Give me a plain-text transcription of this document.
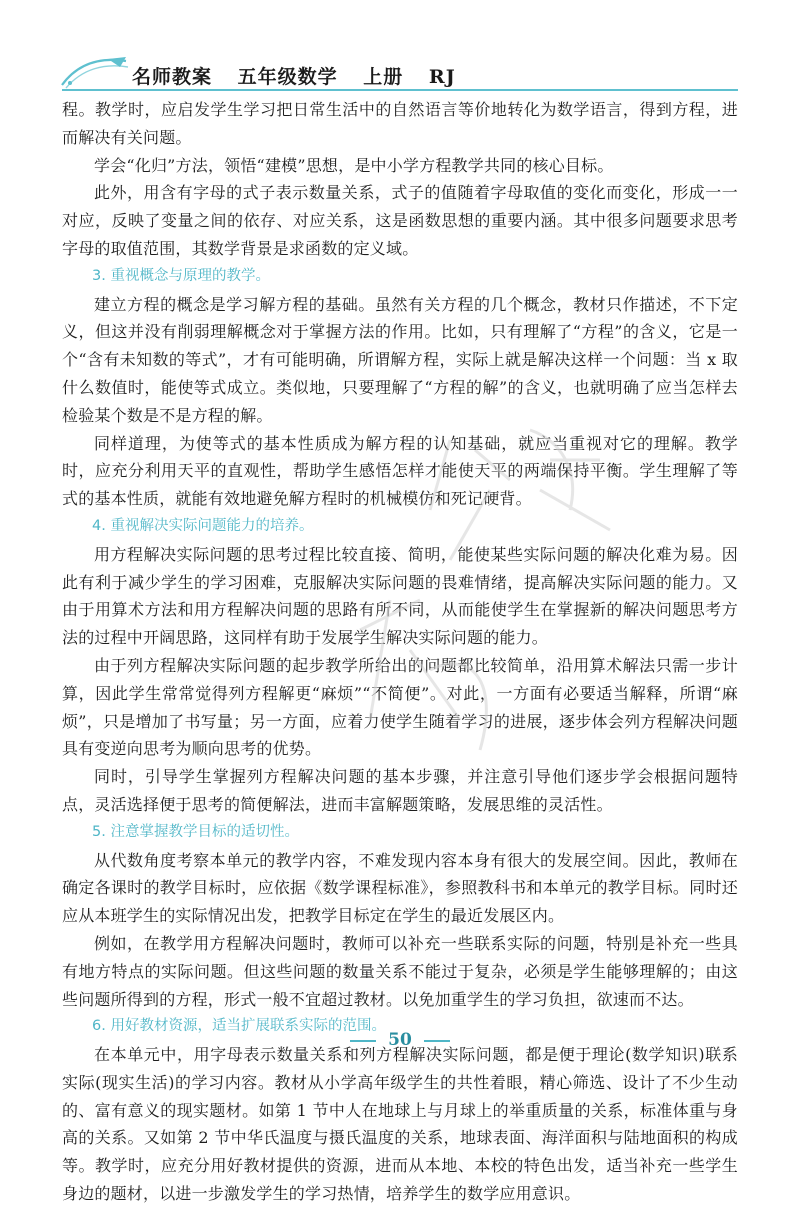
名师教案 五年级数学 上册 RJ

程。教学时，应启发学生学习把日常生活中的自然语言等价地转化为数学语言，得到方程，进而解决有关问题。

学会“化归”方法，领悟“建模”思想，是中小学方程教学共同的核心目标。

此外，用含有字母的式子表示数量关系，式子的值随着字母取值的变化而变化，形成一一对应，反映了变量之间的依存、对应关系，这是函数思想的重要内涵。其中很多问题要求思考字母的取值范围，其数学背景是求函数的定义域。

3. 重视概念与原理的教学。

建立方程的概念是学习解方程的基础。虽然有关方程的几个概念，教材只作描述，不下定义，但这并没有削弱理解概念对于掌握方法的作用。比如，只有理解了“方程”的含义，它是一个“含有未知数的等式”，才有可能明确，所谓解方程，实际上就是解决这样一个问题：当 x 取什么数值时，能使等式成立。类似地，只要理解了“方程的解”的含义，也就明确了应当怎样去检验某个数是不是方程的解。

同样道理，为使等式的基本性质成为解方程的认知基础，就应当重视对它的理解。教学时，应充分利用天平的直观性，帮助学生感悟怎样才能使天平的两端保持平衡。学生理解了等式的基本性质，就能有效地避免解方程时的机械模仿和死记硬背。

4. 重视解决实际问题能力的培养。

用方程解决实际问题的思考过程比较直接、简明，能使某些实际问题的解决化难为易。因此有利于减少学生的学习困难，克服解决实际问题的畏难情绪，提高解决实际问题的能力。又由于用算术方法和用方程解决问题的思路有所不同，从而能使学生在掌握新的解决问题思考方法的过程中开阔思路，这同样有助于发展学生解决实际问题的能力。

由于列方程解决实际问题的起步教学所给出的问题都比较简单，沿用算术解法只需一步计算，因此学生常常觉得列方程解更“麻烦”“不简便”。对此，一方面有必要适当解释，所谓“麻烦”，只是增加了书写量；另一方面，应着力使学生随着学习的进展，逐步体会列方程解决问题具有变逆向思考为顺向思考的优势。

同时，引导学生掌握列方程解决问题的基本步骤，并注意引导他们逐步学会根据问题特点，灵活选择便于思考的简便解法，进而丰富解题策略，发展思维的灵活性。

5. 注意掌握教学目标的适切性。

从代数角度考察本单元的教学内容，不难发现内容本身有很大的发展空间。因此，教师在确定各课时的教学目标时，应依据《数学课程标准》，参照教科书和本单元的教学目标。同时还应从本班学生的实际情况出发，把教学目标定在学生的最近发展区内。

例如，在教学用方程解决问题时，教师可以补充一些联系实际的问题，特别是补充一些具有地方特点的实际问题。但这些问题的数量关系不能过于复杂，必须是学生能够理解的；由这些问题所得到的方程，形式一般不宜超过教材。以免加重学生的学习负担，欲速而不达。

6. 用好教材资源，适当扩展联系实际的范围。

在本单元中，用字母表示数量关系和列方程解决实际问题，都是便于理论(数学知识)联系实际(现实生活)的学习内容。教材从小学高年级学生的共性着眼，精心筛选、设计了不少生动的、富有意义的现实题材。如第 1 节中人在地球上与月球上的举重质量的关系，标准体重与身高的关系。又如第 2 节中华氏温度与摄氏温度的关系，地球表面、海洋面积与陆地面积的构成等。教学时，应充分用好教材提供的资源，进而从本地、本校的特色出发，适当补充一些学生身边的题材，以进一步激发学生的学习热情，培养学生的数学应用意识。

50
